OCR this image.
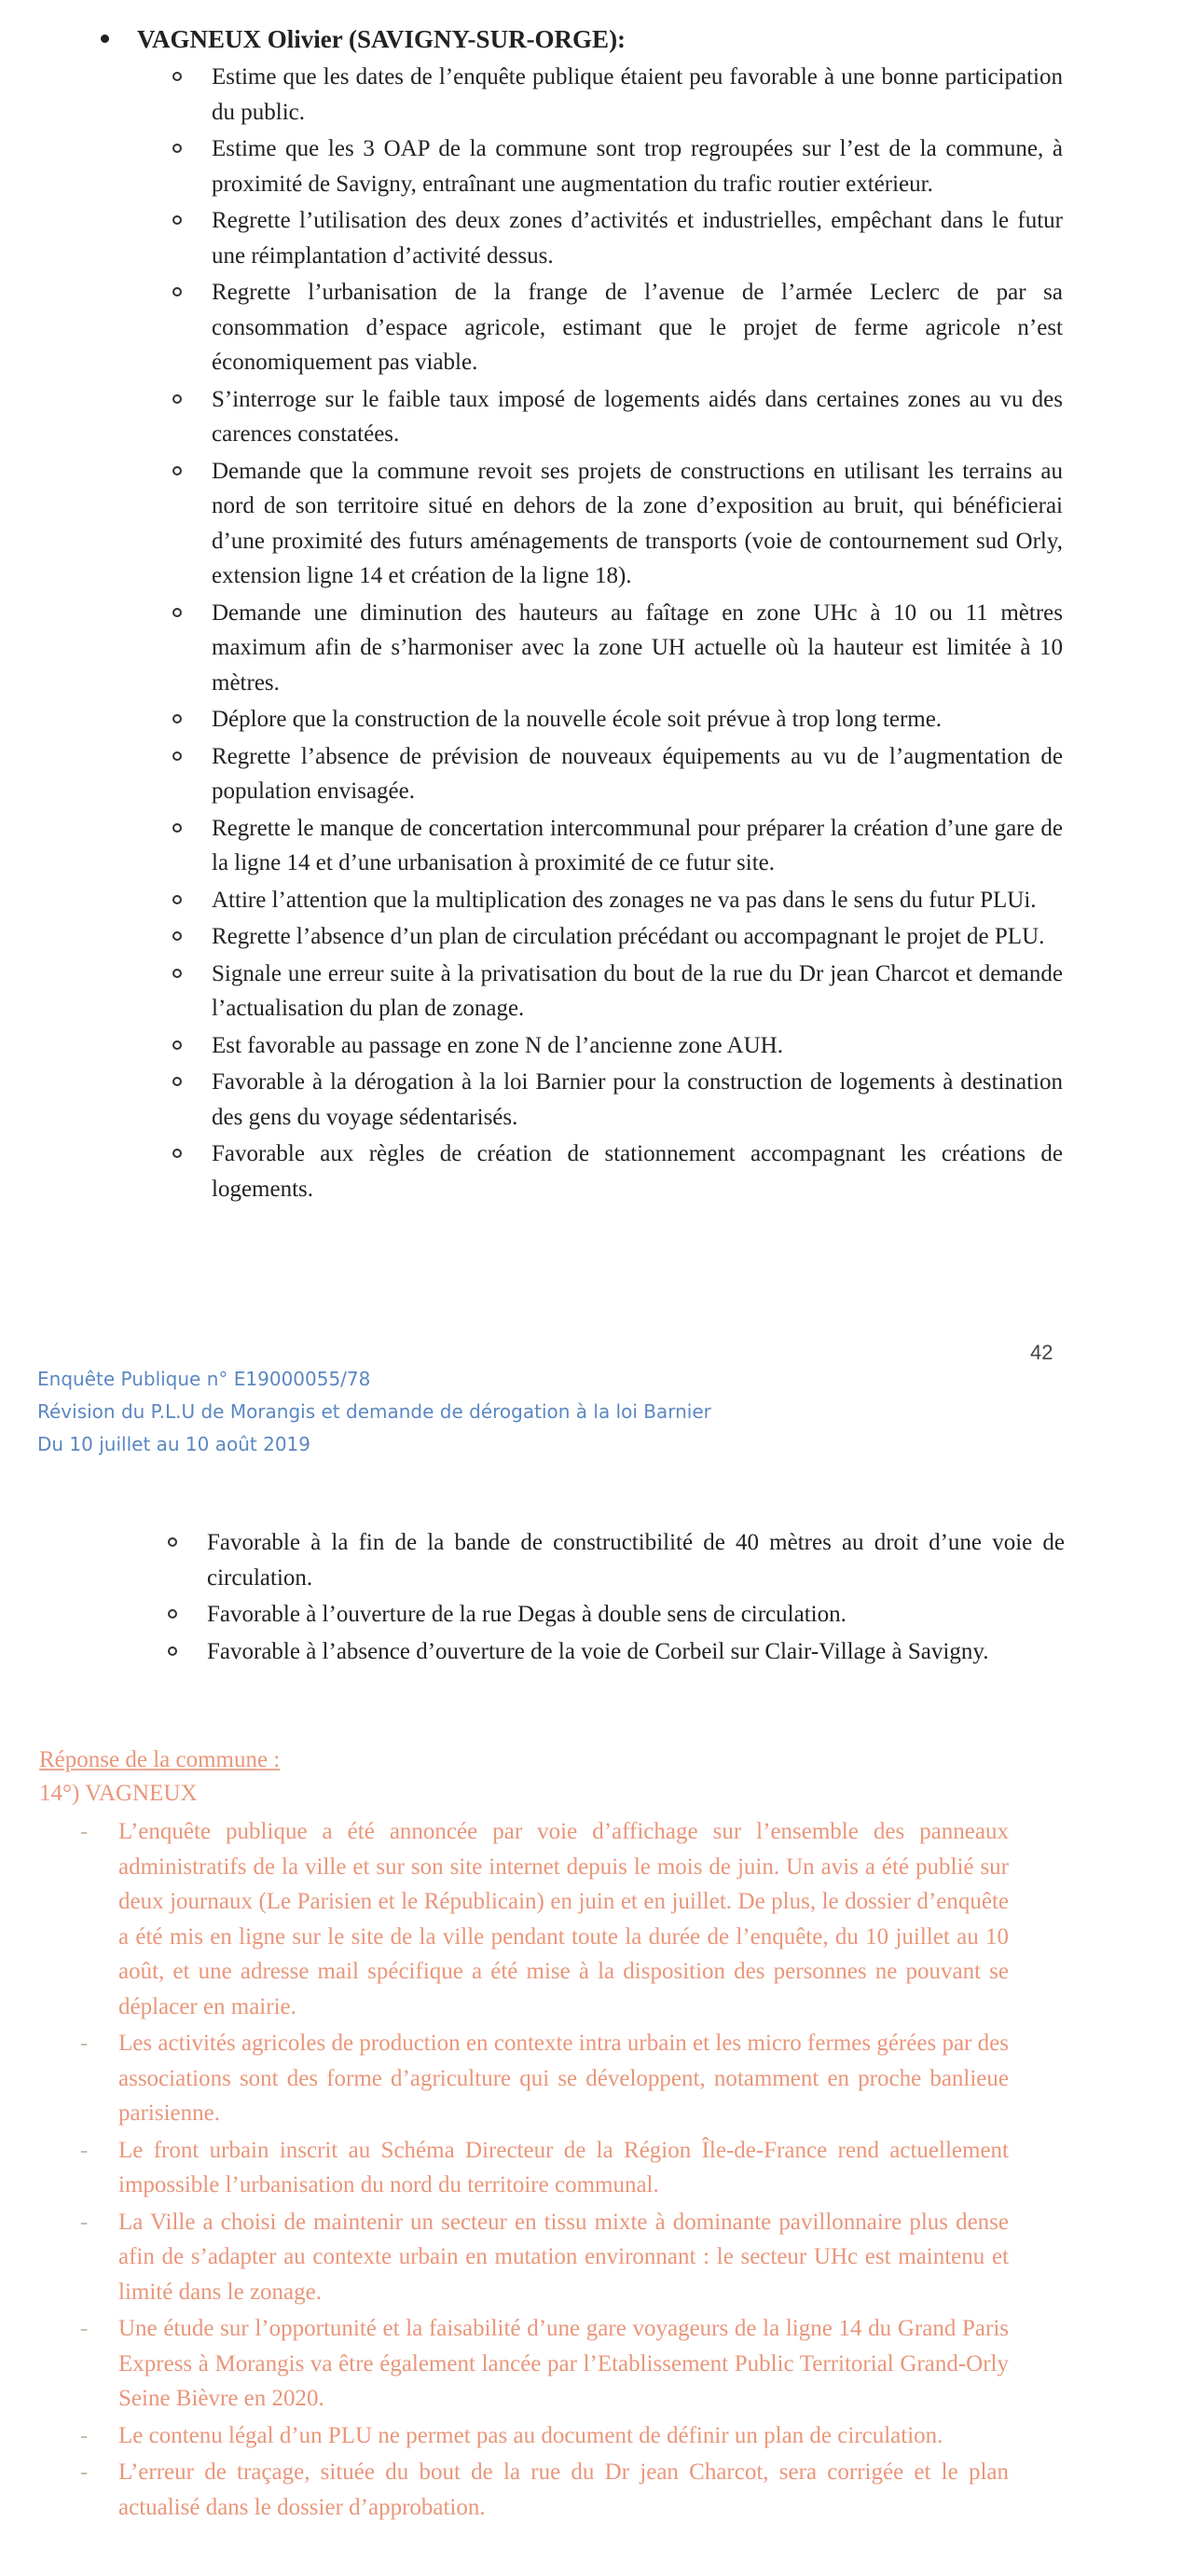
VAGNEUX Olivier (SAVIGNY-SUR-ORGE):
Estime que les dates de l’enquête publique étaient peu favorable à une bonne participation du public.
Estime que les 3 OAP de la commune sont trop regroupées sur l’est de la commune, à proximité de Savigny, entraînant une augmentation du trafic routier extérieur.
Regrette l’utilisation des deux zones d’activités et industrielles, empêchant dans le futur une réimplantation d’activité dessus.
Regrette l’urbanisation de la frange de l’avenue de l’armée Leclerc de par sa consommation d’espace agricole, estimant que le projet de ferme agricole n’est économiquement pas viable.
S’interroge sur le faible taux imposé de logements aidés dans certaines zones au vu des carences constatées.
Demande que la commune revoit ses projets de constructions en utilisant les terrains au nord de son territoire situé en dehors de la zone d’exposition au bruit, qui bénéficierai d’une proximité des futurs aménagements de transports (voie de contournement sud Orly, extension ligne 14 et création de la ligne 18).
Demande une diminution des hauteurs au faîtage en zone UHc à 10 ou 11 mètres maximum afin de s’harmoniser avec la zone UH actuelle où la hauteur est limitée à 10 mètres.
Déplore que la construction de la nouvelle école soit prévue à trop long terme.
Regrette l’absence de prévision de nouveaux équipements au vu de l’augmentation de population envisagée.
Regrette le manque de concertation intercommunal pour préparer la création d’une gare de la ligne 14 et d’une urbanisation à proximité de ce futur site.
Attire l’attention que la multiplication des zonages ne va pas dans le sens du futur PLUi.
Regrette l’absence d’un plan de circulation précédant ou accompagnant le projet de PLU.
Signale une erreur suite à la privatisation du bout de la rue du Dr jean Charcot et demande l’actualisation du plan de zonage.
Est favorable au passage en zone N de l’ancienne zone AUH.
Favorable à la dérogation à la loi Barnier pour la construction de logements à destination des gens du voyage sédentarisés.
Favorable aux règles de création de stationnement accompagnant les créations de logements.
42
Enquête Publique n° E19000055/78
Révision du P.L.U de Morangis et demande de dérogation à la loi Barnier
Du 10 juillet au 10 août 2019
Favorable à la fin de la bande de constructibilité de 40 mètres au droit d’une voie de circulation.
Favorable à l’ouverture de la rue Degas à double sens de circulation.
Favorable à l’absence d’ouverture de la voie de Corbeil sur Clair-Village à Savigny.
Réponse de la commune :
14°) VAGNEUX
- L’enquête publique a été annoncée par voie d’affichage sur l’ensemble des panneaux administratifs de la ville et sur son site internet depuis le mois de juin. Un avis a été publié sur deux journaux (Le Parisien et le Républicain) en juin et en juillet. De plus, le dossier d’enquête a été mis en ligne sur le site de la ville pendant toute la durée de l’enquête, du 10 juillet au 10 août, et une adresse mail spécifique a été mise à la disposition des personnes ne pouvant se déplacer en mairie.
- Les activités agricoles de production en contexte intra urbain et les micro fermes gérées par des associations sont des forme d’agriculture qui se développent, notamment en proche banlieue parisienne.
- Le front urbain inscrit au Schéma Directeur de la Région Île-de-France rend actuellement impossible l’urbanisation du nord du territoire communal.
- La Ville a choisi de maintenir un secteur en tissu mixte à dominante pavillonnaire plus dense afin de s’adapter au contexte urbain en mutation environnant : le secteur UHc est maintenu et limité dans le zonage.
- Une étude sur l’opportunité et la faisabilité d’une gare voyageurs de la ligne 14 du Grand Paris Express à Morangis va être également lancée par l’Etablissement Public Territorial Grand-Orly Seine Bièvre en 2020.
- Le contenu légal d’un PLU ne permet pas au document de définir un plan de circulation.
- L’erreur de traçage, située du bout de la rue du Dr jean Charcot, sera corrigée et le plan actualisé dans le dossier d’approbation.
